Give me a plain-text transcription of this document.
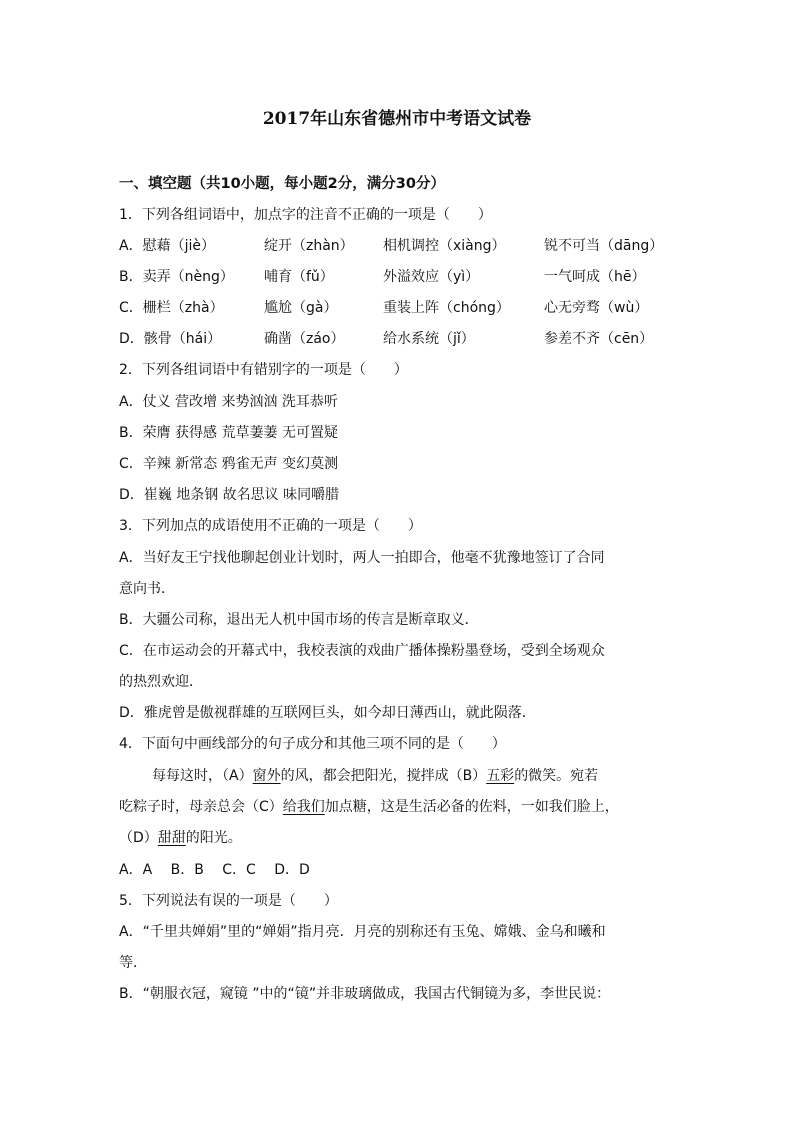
2017年山东省德州市中考语文试卷
一、填空题（共10小题，每小题2分，满分30分）
1．下列各组词语中，加点字的注音不正确的一项是（　　）
A．慰藉（jiè）	绽开（zhàn） 相机调控（xiàng）	锐不可当（dāng）
B．卖弄（nèng） 哺育（fǔ）	外溢效应（yì）	一气呵成（hē）
C．栅栏（zhà）	尴尬（gà）	重装上阵（chóng） 心无旁骛（wù）
D．骸骨（hái）	确凿（záo）	给水系统（jǐ）	参差不齐（cēn）
2．下列各组词语中有错别字的一项是（　　）
A．仗义 营改增 来势汹汹 洗耳恭听
B．荣膺 获得感 荒草萋萋 无可置疑
C．辛辣 新常态 鸦雀无声 变幻莫测
D．崔巍 地条钢 故名思议 味同嚼腊
3．下列加点的成语使用不正确的一项是（　　）
A．当好友王宁找他聊起创业计划时，两人一拍即合，他毫不犹豫地签订了合同
意向书．
B．大疆公司称，退出无人机中国市场的传言是断章取义．
C．在市运动会的开幕式中，我校表演的戏曲广播体操粉墨登场，受到全场观众
的热烈欢迎．
D．雅虎曾是傲视群雄的互联网巨头，如今却日薄西山，就此陨落．
4．下面句中画线部分的句子成分和其他三项不同的是（　　）
每每这时，（A）窗外的风，都会把阳光，搅拌成（B）五彩的微笑。宛若
吃粽子时，母亲总会（C）给我们加点糖，这是生活必备的佐料，一如我们脸上，
（D）甜甜的阳光。
A．A　 B．B　 C．C　 D．D
5．下列说法有误的一项是（　　）
A．“千里共婵娟”里的“婵娟”指月亮．月亮的别称还有玉兔、嫦娥、金乌和曦和
等．
B．“朝服衣冠，窥镜 ”中的“镜”并非玻璃做成，我国古代铜镜为多，李世民说：
